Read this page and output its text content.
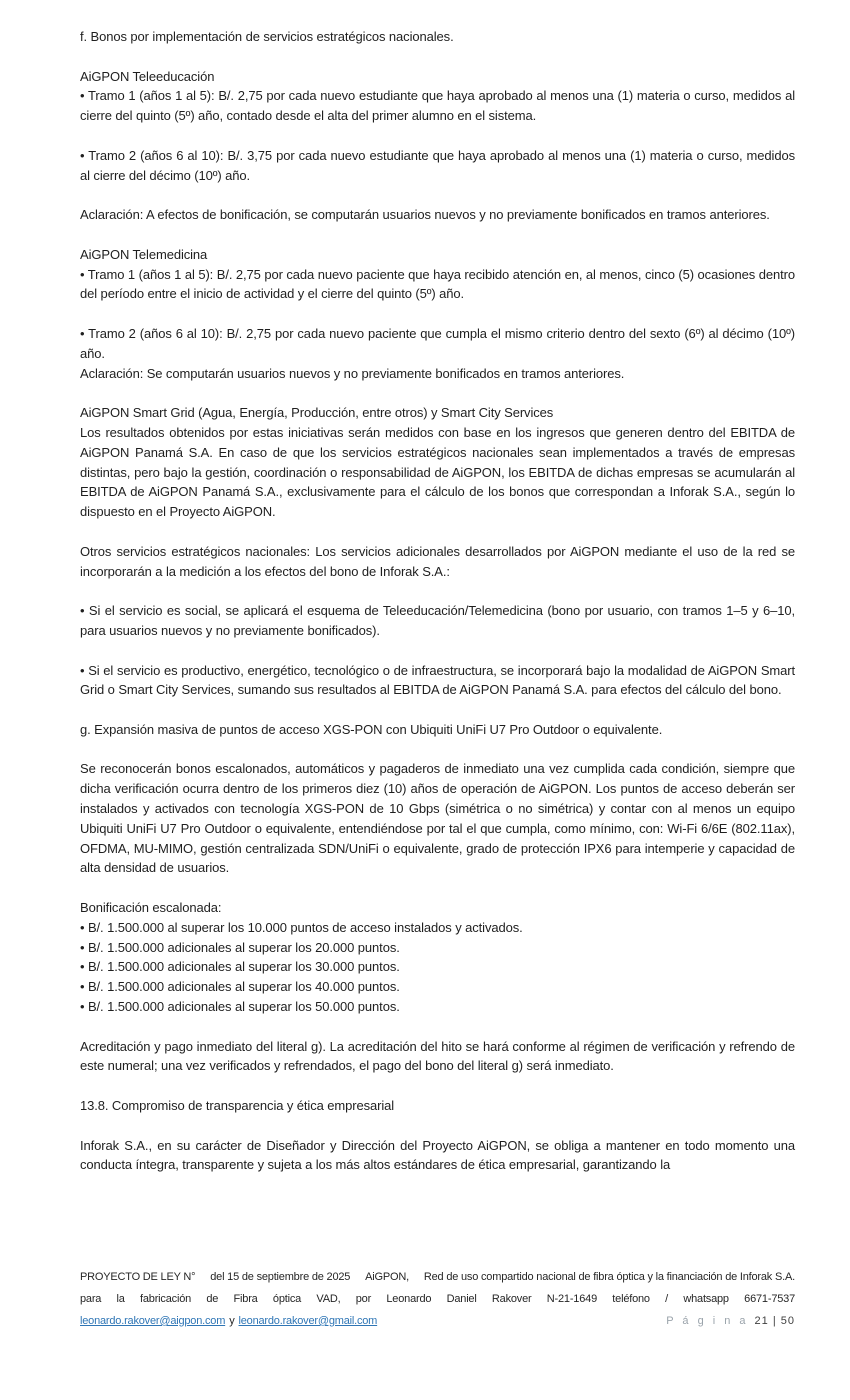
f. Bonos por implementación de servicios estratégicos nacionales.

AiGPON Teleeducación

• Tramo 1 (años 1 al 5): B/. 2,75 por cada nuevo estudiante que haya aprobado al menos una (1) materia o curso, medidos al cierre del quinto (5º) año, contado desde el alta del primer alumno en el sistema.

• Tramo 2 (años 6 al 10): B/. 3,75 por cada nuevo estudiante que haya aprobado al menos una (1) materia o curso, medidos al cierre del décimo (10º) año.

Aclaración: A efectos de bonificación, se computarán usuarios nuevos y no previamente bonificados en tramos anteriores.

AiGPON Telemedicina

• Tramo 1 (años 1 al 5): B/. 2,75 por cada nuevo paciente que haya recibido atención en, al menos, cinco (5) ocasiones dentro del período entre el inicio de actividad y el cierre del quinto (5º) año.

• Tramo 2 (años 6 al 10): B/. 2,75 por cada nuevo paciente que cumpla el mismo criterio dentro del sexto (6º) al décimo (10º) año.

Aclaración: Se computarán usuarios nuevos y no previamente bonificados en tramos anteriores.

AiGPON Smart Grid (Agua, Energía, Producción, entre otros) y Smart City Services

Los resultados obtenidos por estas iniciativas serán medidos con base en los ingresos que generen dentro del EBITDA de AiGPON Panamá S.A. En caso de que los servicios estratégicos nacionales sean implementados a través de empresas distintas, pero bajo la gestión, coordinación o responsabilidad de AiGPON, los EBITDA de dichas empresas se acumularán al EBITDA de AiGPON Panamá S.A., exclusivamente para el cálculo de los bonos que correspondan a Inforak S.A., según lo dispuesto en el Proyecto AiGPON.

Otros servicios estratégicos nacionales: Los servicios adicionales desarrollados por AiGPON mediante el uso de la red se incorporarán a la medición a los efectos del bono de Inforak S.A.:

• Si el servicio es social, se aplicará el esquema de Teleeducación/Telemedicina (bono por usuario, con tramos 1–5 y 6–10, para usuarios nuevos y no previamente bonificados).

• Si el servicio es productivo, energético, tecnológico o de infraestructura, se incorporará bajo la modalidad de AiGPON Smart Grid o Smart City Services, sumando sus resultados al EBITDA de AiGPON Panamá S.A. para efectos del cálculo del bono.

g. Expansión masiva de puntos de acceso XGS-PON con Ubiquiti UniFi U7 Pro Outdoor o equivalente.

Se reconocerán bonos escalonados, automáticos y pagaderos de inmediato una vez cumplida cada condición, siempre que dicha verificación ocurra dentro de los primeros diez (10) años de operación de AiGPON. Los puntos de acceso deberán ser instalados y activados con tecnología XGS-PON de 10 Gbps (simétrica o no simétrica) y contar con al menos un equipo Ubiquiti UniFi U7 Pro Outdoor o equivalente, entendiéndose por tal el que cumpla, como mínimo, con: Wi-Fi 6/6E (802.11ax), OFDMA, MU-MIMO, gestión centralizada SDN/UniFi o equivalente, grado de protección IPX6 para intemperie y capacidad de alta densidad de usuarios.

Bonificación escalonada:

• B/. 1.500.000 al superar los 10.000 puntos de acceso instalados y activados.

• B/. 1.500.000 adicionales al superar los 20.000 puntos.

• B/. 1.500.000 adicionales al superar los 30.000 puntos.

• B/. 1.500.000 adicionales al superar los 40.000 puntos.

• B/. 1.500.000 adicionales al superar los 50.000 puntos.

Acreditación y pago inmediato del literal g). La acreditación del hito se hará conforme al régimen de verificación y refrendo de este numeral; una vez verificados y refrendados, el pago del bono del literal g) será inmediato.

13.8. Compromiso de transparencia y ética empresarial

Inforak S.A., en su carácter de Diseñador y Dirección del Proyecto AiGPON, se obliga a mantener en todo momento una conducta íntegra, transparente y sujeta a los más altos estándares de ética empresarial, garantizando la

PROYECTO DE LEY N° del 15 de septiembre de 2025 AiGPON, Red de uso compartido nacional de fibra óptica y la financiación de Inforak S.A.
para la fabricación de Fibra óptica VAD, por Leonardo Daniel Rakover N-21-1649 teléfono / whatsapp 6671-7537
leonardo.rakover@aigpon.com y leonardo.rakover@gmail.com	P á g i n a 21 | 50
